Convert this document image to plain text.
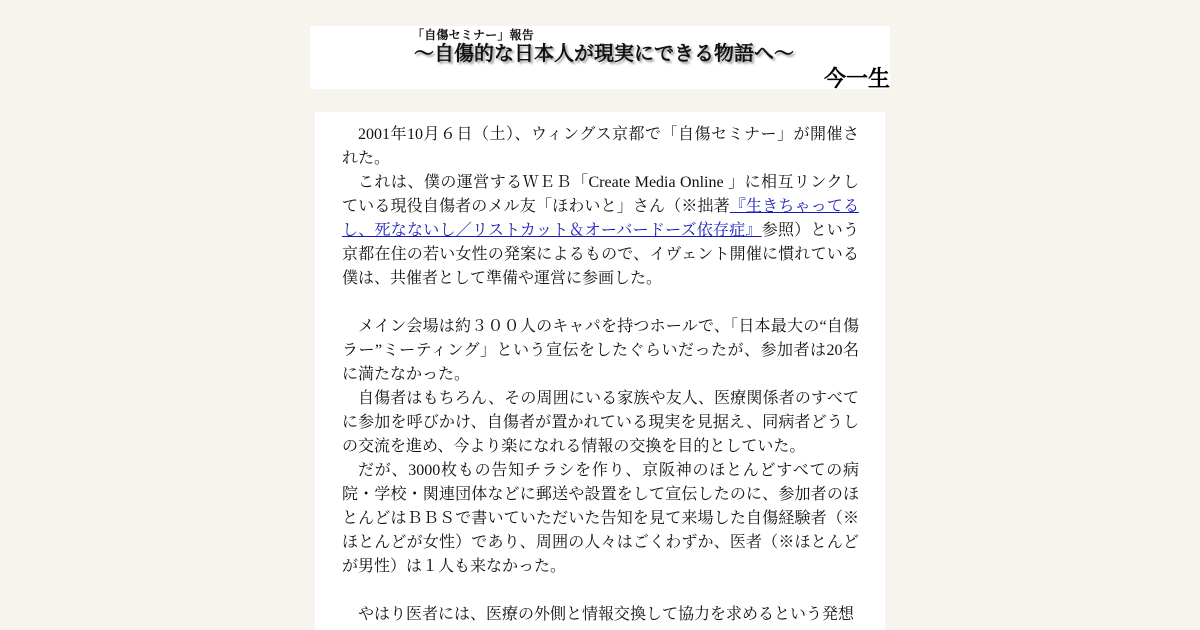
「自傷セミナー」報告
〜自傷的な日本人が現実にできる物語へ〜
今一生

2001年10月６日（土）、ウィングス京都で「自傷セミナー」が開催された。

これは、僕の運営するＷＥＢ「Create Media Online 」に相互リンクしている現役自傷者のメル友「ほわいと」さん（※拙著『生きちゃってるし、死なないし／リストカット＆オーバードーズ依存症』参照）という京都在住の若い女性の発案によるもので、イヴェント開催に慣れている僕は、共催者として準備や運営に参画した。

メイン会場は約３００人のキャパを持つホールで、「日本最大の“自傷ラー”ミーティング」という宣伝をしたぐらいだったが、参加者は20名に満たなかった。

自傷者はもちろん、その周囲にいる家族や友人、医療関係者のすべてに参加を呼びかけ、自傷者が置かれている現実を見据え、同病者どうしの交流を進め、今より楽になれる情報の交換を目的としていた。

だが、3000枚もの告知チラシを作り、京阪神のほとんどすべての病院・学校・関連団体などに郵送や設置をして宣伝したのに、参加者のほとんどはＢＢＳで書いていただいた告知を見て来場した自傷経験者（※ほとんどが女性）であり、周囲の人々はごくわずか、医者（※ほとんどが男性）は１人も来なかった。

やはり医者には、医療の外側と情報交換して協力を求めるという発想
